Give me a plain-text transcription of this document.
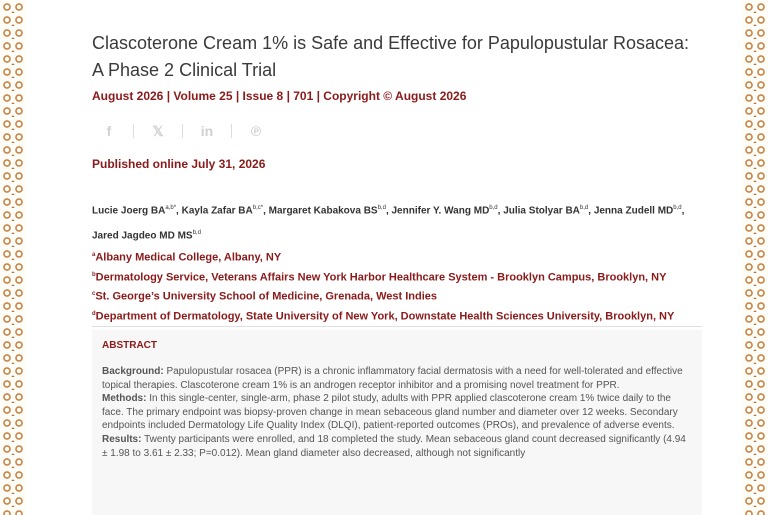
Clascoterone Cream 1% is Safe and Effective for Papulopustular Rosacea: A Phase 2 Clinical Trial
August 2026 | Volume 25 | Issue 8 | 701 | Copyright © August 2026
f	𝕏	in	℗
Published online July 31, 2026
Lucie Joerg $BA^{a,b*}$, Kayla Zafar $BA^{b,c*}$, Margaret Kabakova BS$^{b,d}$, Jennifer Y. Wang MD$^{b,d}$, Julia Stolyar BA$^{b,d}$, Jenna Zudell MD$^{b,d}$, Jared Jagdeo MD MS$^{b,d}$
$^a$Albany Medical College, Albany, NY
$^b$Dermatology Service, Veterans Affairs New York Harbor Healthcare System - Brooklyn Campus, Brooklyn, NY
$^c$St. George’s University School of Medicine, Grenada, West Indies
$^d$Department of Dermatology, State University of New York, Downstate Health Sciences University, Brooklyn, NY
ABSTRACT

Background: Papulopustular rosacea (PPR) is a chronic inflammatory facial dermatosis with a need for well-tolerated and effective topical therapies. Clascoterone cream 1% is an androgen receptor inhibitor and a promising novel treatment for PPR.

Methods: In this single-center, single-arm, phase 2 pilot study, adults with PPR applied clascoterone cream 1% twice daily to the face. The primary endpoint was biopsy-proven change in mean sebaceous gland number and diameter over 12 weeks. Secondary endpoints included Dermatology Life Quality Index (DLQI), patient-reported outcomes (PROs), and prevalence of adverse events.

Results: Twenty participants were enrolled, and 18 completed the study. Mean sebaceous gland count decreased significantly (4.94 ± 1.98 to 3.61 ± 2.33; P=0.012). Mean gland diameter also decreased, although not significantly
